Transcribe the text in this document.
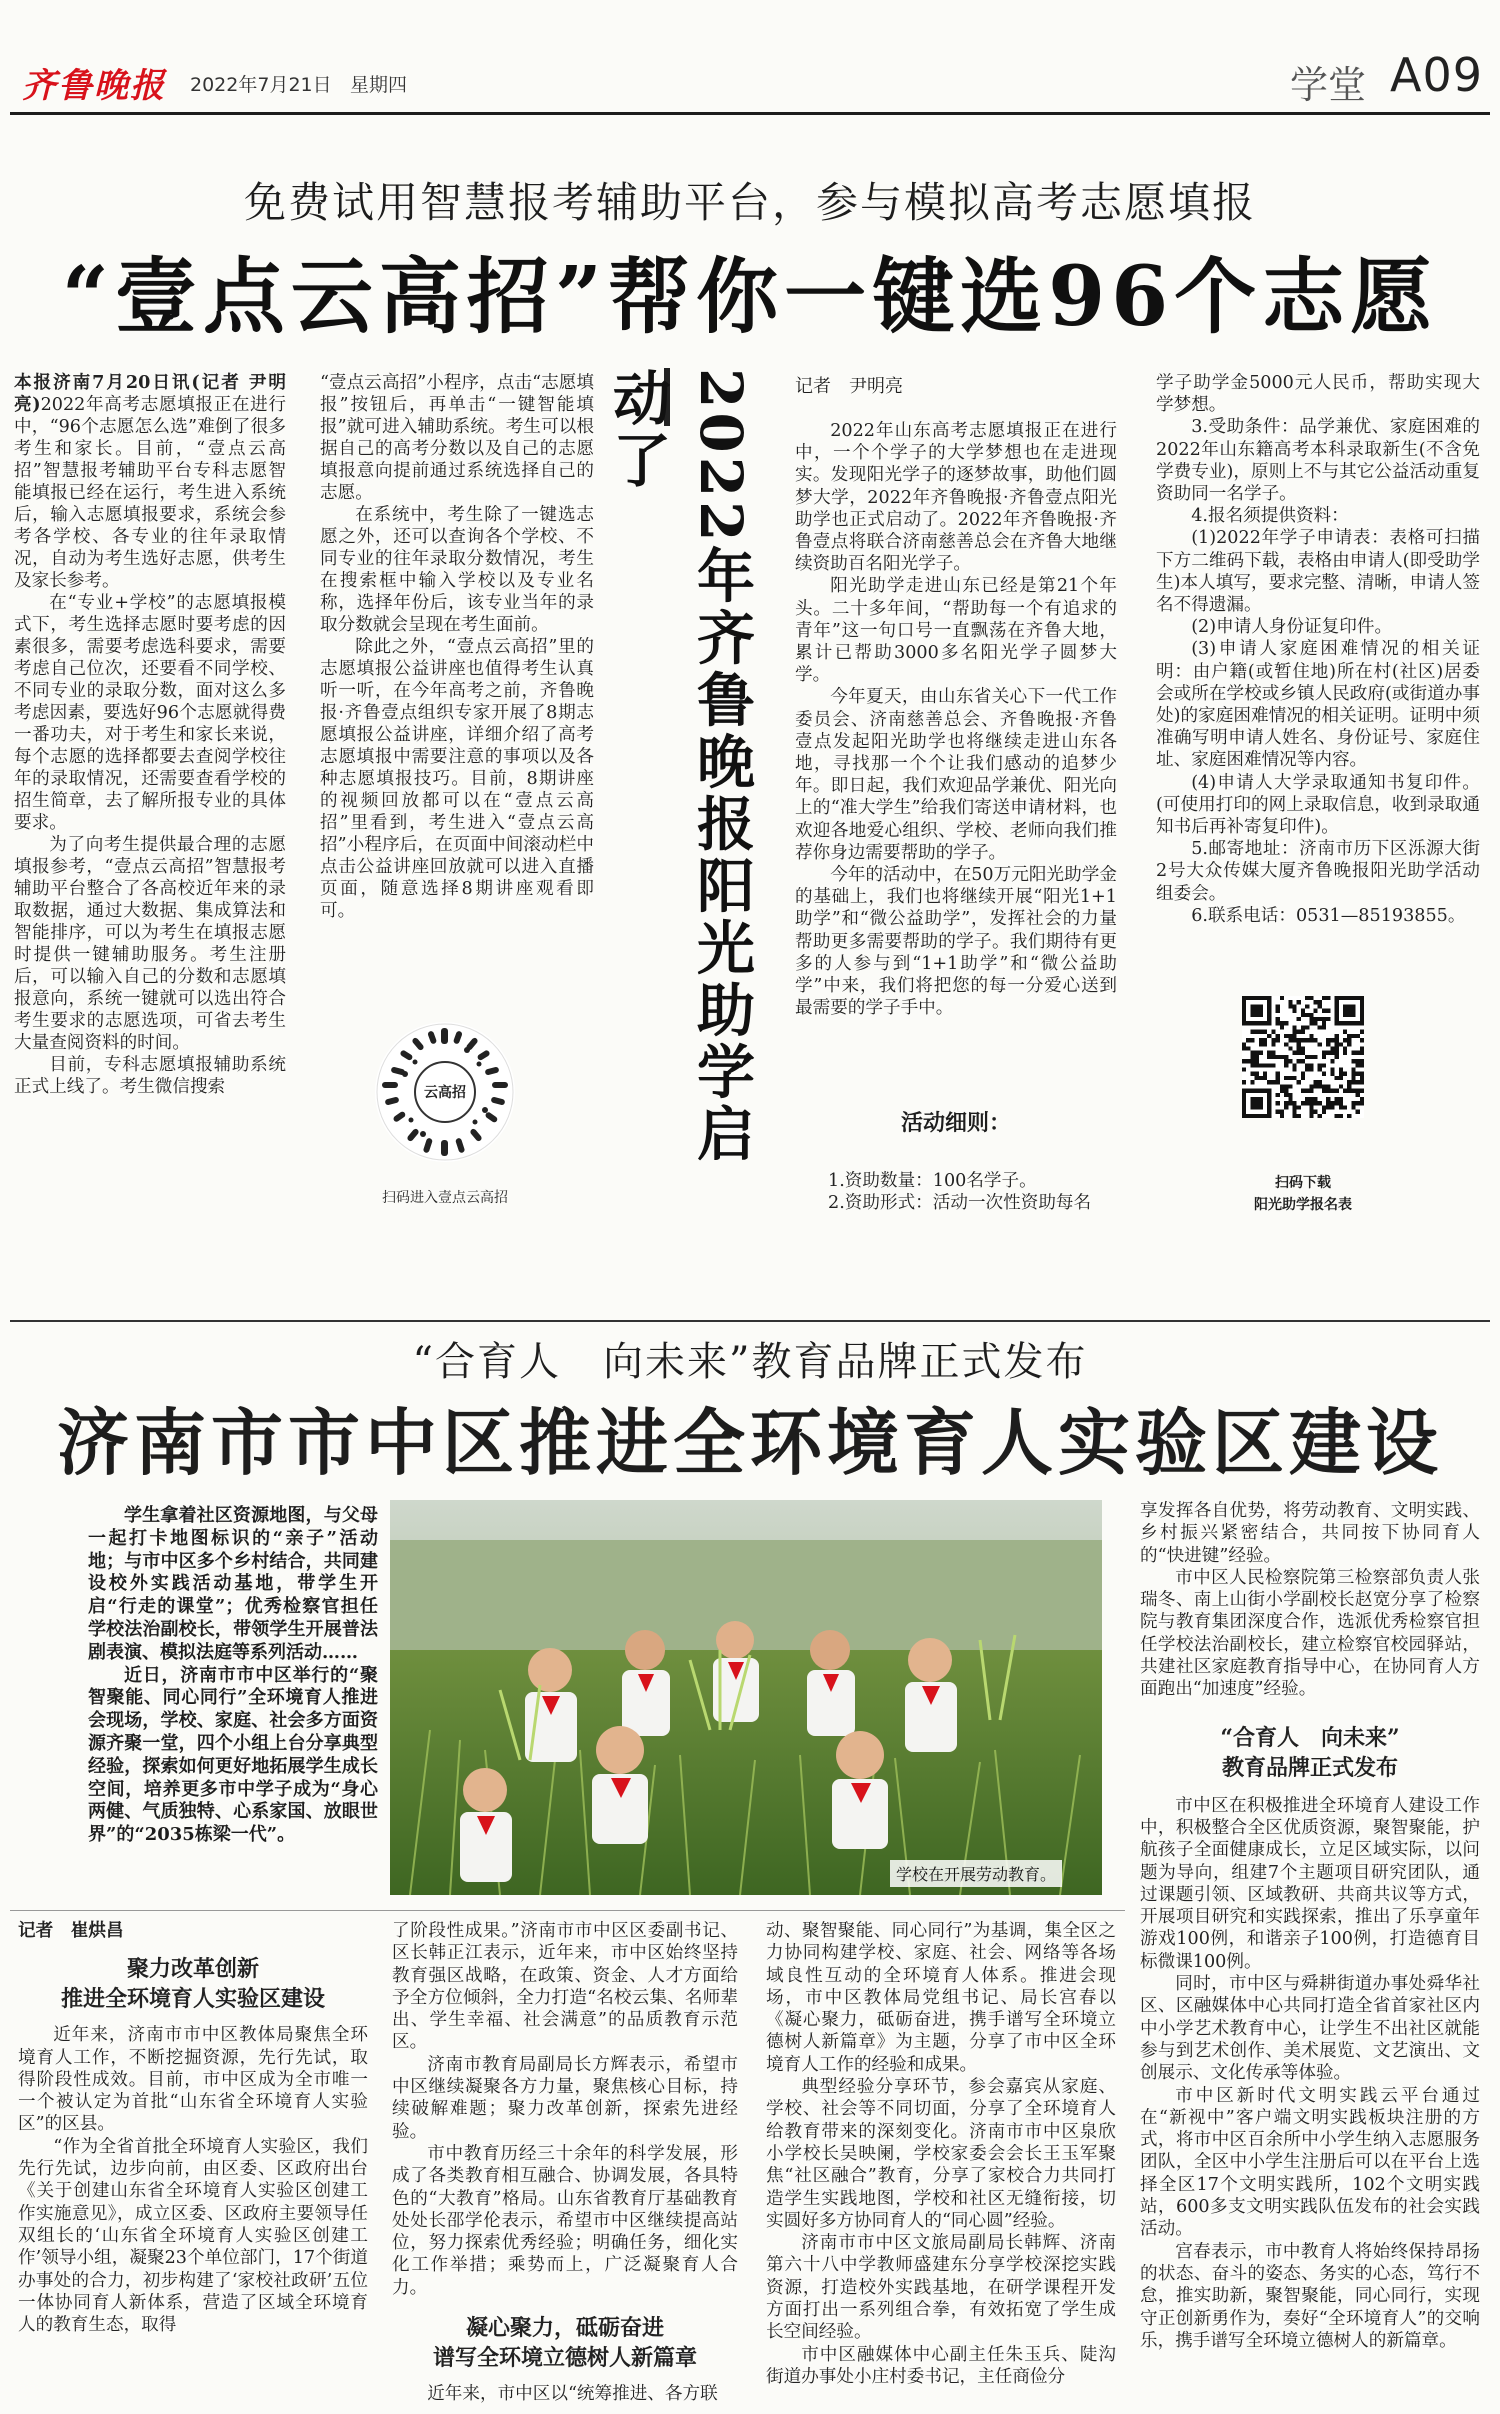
齐鲁晚报 2022年7月21日 星期四	学堂 A09
免费试用智慧报考辅助平台，参与模拟高考志愿填报
“壹点云高招”帮你一键选96个志愿

本报济南7月20日讯(记者 尹明亮)2022年高考志愿填报正在进行中，“96个志愿怎么选”难倒了很多考生和家长。目前，“壹点云高招”智慧报考辅助平台专科志愿智能填报已经在运行，考生进入系统后，输入志愿填报要求，系统会参考各学校、各专业的往年录取情况，自动为考生选好志愿，供考生及家长参考。

在“专业+学校”的志愿填报模式下，考生选择志愿时要考虑的因素很多，需要考虑选科要求，需要考虑自己位次，还要看不同学校、不同专业的录取分数，面对这么多考虑因素，要选好96个志愿就得费一番功夫，对于考生和家长来说，每个志愿的选择都要去查阅学校往年的录取情况，还需要查看学校的招生简章，去了解所报专业的具体要求。

为了向考生提供最合理的志愿填报参考，“壹点云高招”智慧报考辅助平台整合了各高校近年来的录取数据，通过大数据、集成算法和智能排序，可以为考生在填报志愿时提供一键辅助服务。考生注册后，可以输入自己的分数和志愿填报意向，系统一键就可以选出符合考生要求的志愿选项，可省去考生大量查阅资料的时间。

目前，专科志愿填报辅助系统正式上线了。考生微信搜索

“壹点云高招”小程序，点击“志愿填报”按钮后，再单击“一键智能填报”就可进入辅助系统。考生可以根据自己的高考分数以及自己的志愿填报意向提前通过系统选择自己的志愿。

在系统中，考生除了一键选志愿之外，还可以查询各个学校、不同专业的往年录取分数情况，考生在搜索框中输入学校以及专业名称，选择年份后，该专业当年的录取分数就会呈现在考生面前。

除此之外，“壹点云高招”里的志愿填报公益讲座也值得考生认真听一听，在今年高考之前，齐鲁晚报·齐鲁壹点组织专家开展了8期志愿填报公益讲座，详细介绍了高考志愿填报中需要注意的事项以及各种志愿填报技巧。目前，8期讲座的视频回放都可以在“壹点云高招”里看到，考生进入“壹点云高招”小程序后，在页面中间滚动栏中点击公益讲座回放就可以进入直播页面，随意选择8期讲座观看即可。

云高招
扫码进入壹点云高招
2022年齐鲁晚报阳光助学启动了	记者　尹明亮

2022年山东高考志愿填报正在进行中，一个个学子的大学梦想也在走进现实。发现阳光学子的逐梦故事，助他们圆梦大学，2022年齐鲁晚报·齐鲁壹点阳光助学也正式启动了。2022年齐鲁晚报·齐鲁壹点将联合济南慈善总会在齐鲁大地继续资助百名阳光学子。

阳光助学走进山东已经是第21个年头。二十多年间，“帮助每一个有追求的青年”这一句口号一直飘荡在齐鲁大地，累计已帮助3000多名阳光学子圆梦大学。

今年夏天，由山东省关心下一代工作委员会、济南慈善总会、齐鲁晚报·齐鲁壹点发起阳光助学也将继续走进山东各地，寻找那一个个让我们感动的追梦少年。即日起，我们欢迎品学兼优、阳光向上的“准大学生”给我们寄送申请材料，也欢迎各地爱心组织、学校、老师向我们推荐你身边需要帮助的学子。

今年的活动中，在50万元阳光助学金的基础上，我们也将继续开展“阳光1+1助学”和“微公益助学”，发挥社会的力量帮助更多需要帮助的学子。我们期待有更多的人参与到“1+1助学”和“微公益助学”中来，我们将把您的每一分爱心送到最需要的学子手中。

活动细则：

1.资助数量：100名学子。

2.资助形式：活动一次性资助每名

学子助学金5000元人民币，帮助实现大学梦想。

3.受助条件：品学兼优、家庭困难的2022年山东籍高考本科录取新生(不含免学费专业)，原则上不与其它公益活动重复资助同一名学子。

4.报名须提供资料：

(1)2022年学子申请表：表格可扫描下方二维码下载，表格由申请人(即受助学生)本人填写，要求完整、清晰，申请人签名不得遗漏。

(2)申请人身份证复印件。

(3)申请人家庭困难情况的相关证明：由户籍(或暂住地)所在村(社区)居委会或所在学校或乡镇人民政府(或街道办事处)的家庭困难情况的相关证明。证明中须准确写明申请人姓名、身份证号、家庭住址、家庭困难情况等内容。

(4)申请人大学录取通知书复印件。(可使用打印的网上录取信息，收到录取通知书后再补寄复印件)。

5.邮寄地址：济南市历下区泺源大街2号大众传媒大厦齐鲁晚报阳光助学活动组委会。

6.联系电话：0531—85193855。

扫码下载
阳光助学报名表
“合育人　向未来”教育品牌正式发布
济南市市中区推进全环境育人实验区建设

学生拿着社区资源地图，与父母一起打卡地图标识的“亲子”活动地；与市中区多个乡村结合，共同建设校外实践活动基地，带学生开启“行走的课堂”；优秀检察官担任学校法治副校长，带领学生开展普法剧表演、模拟法庭等系列活动……

近日，济南市市中区举行的“聚智聚能、同心同行”全环境育人推进会现场，学校、家庭、社会多方面资源齐聚一堂，四个小组上台分享典型经验，探索如何更好地拓展学生成长空间，培养更多市中学子成为“身心两健、气质独特、心系家国、放眼世界”的“2035栋梁一代”。

学校在开展劳动教育。

享发挥各自优势，将劳动教育、文明实践、乡村振兴紧密结合，共同按下协同育人的“快进键”经验。

市中区人民检察院第三检察部负责人张瑞冬、南上山街小学副校长赵宽分享了检察院与教育集团深度合作，选派优秀检察官担任学校法治副校长，建立检察官校园驿站，共建社区家庭教育指导中心，在协同育人方面跑出“加速度”经验。

“合育人　向未来”
教育品牌正式发布

市中区在积极推进全环境育人建设工作中，积极整合全区优质资源，聚智聚能，护航孩子全面健康成长，立足区域实际，以问题为导向，组建7个主题项目研究团队，通过课题引领、区域教研、共商共议等方式，开展项目研究和实践探索，推出了乐享童年游戏100例，和谐亲子100例，打造德育目标微课100例。

同时，市中区与舜耕街道办事处舜华社区、区融媒体中心共同打造全省首家社区内中小学艺术教育中心，让学生不出社区就能参与到艺术创作、美术展览、文艺演出、文创展示、文化传承等体验。

市中区新时代文明实践云平台通过在“新视中”客户端文明实践板块注册的方式，将市中区百余所中小学生纳入志愿服务团队，全区中小学生注册后可以在平台上选择全区17个文明实践所，102个文明实践站，600多支文明实践队伍发布的社会实践活动。

宫春表示，市中教育人将始终保持昂扬的状态、奋斗的姿态、务实的心态，笃行不怠，推实助新，聚智聚能，同心同行，实现守正创新勇作为，奏好“全环境育人”的交响乐，携手谱写全环境立德树人的新篇章。

记者　崔烘昌

聚力改革创新
推进全环境育人实验区建设

近年来，济南市市中区教体局聚焦全环境育人工作，不断挖掘资源，先行先试，取得阶段性成效。目前，市中区成为全市唯一一个被认定为首批“山东省全环境育人实验区”的区县。

“作为全省首批全环境育人实验区，我们先行先试，边步向前，由区委、区政府出台《关于创建山东省全环境育人实验区创建工作实施意见》，成立区委、区政府主要领导任双组长的‘山东省全环境育人实验区创建工作’领导小组，凝聚23个单位部门，17个街道办事处的合力，初步构建了‘家校社政研’五位一体协同育人新体系，营造了区域全环境育人的教育生态，取得

了阶段性成果。”济南市市中区区委副书记、区长韩正江表示，近年来，市中区始终坚持教育强区战略，在政策、资金、人才方面给予全方位倾斜，全力打造“名校云集、名师辈出、学生幸福、社会满意”的品质教育示范区。

济南市教育局副局长方辉表示，希望市中区继续凝聚各方力量，聚焦核心目标，持续破解难题；聚力改革创新，探索先进经验。

市中教育历经三十余年的科学发展，形成了各类教育相互融合、协调发展，各具特色的“大教育”格局。山东省教育厅基础教育处处长邵学伦表示，希望市中区继续提高站位，努力探索优秀经验；明确任务，细化实化工作举措；乘势而上，广泛凝聚育人合力。

凝心聚力，砥砺奋进
谱写全环境立德树人新篇章

近年来，市中区以“统筹推进、各方联

动、聚智聚能、同心同行”为基调，集全区之力协同构建学校、家庭、社会、网络等各场域良性互动的全环境育人体系。推进会现场，市中区教体局党组书记、局长宫春以《凝心聚力，砥砺奋进，携手谱写全环境立德树人新篇章》为主题，分享了市中区全环境育人工作的经验和成果。

典型经验分享环节，参会嘉宾从家庭、学校、社会等不同切面，分享了全环境育人给教育带来的深刻变化。济南市市中区泉欣小学校长吴映阑，学校家委会会长王玉军聚焦“社区融合”教育，分享了家校合力共同打造学生实践地图，学校和社区无缝衔接，切实圆好多方协同育人的“同心圆”经验。

济南市市中区文旅局副局长韩辉、济南第六十八中学教师盛建东分享学校深挖实践资源，打造校外实践基地，在研学课程开发方面打出一系列组合拳，有效拓宽了学生成长空间经验。

市中区融媒体中心副主任朱玉兵、陡沟街道办事处小庄村委书记，主任商俭分
